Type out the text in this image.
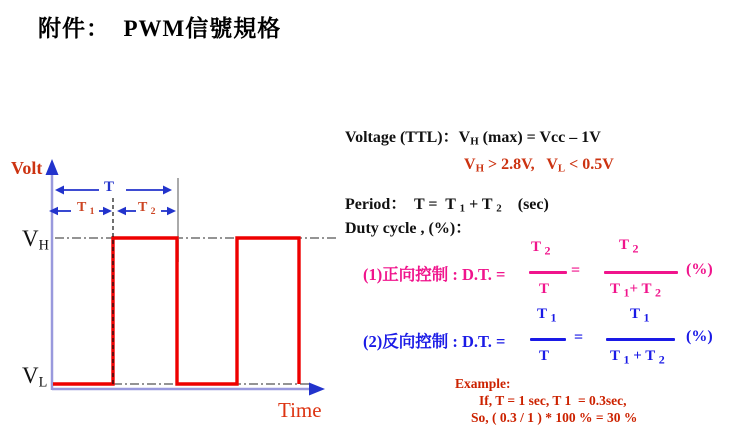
附件：  PWM信號規格
Volt
Time
VH
VL
T
T $_1$	T $_2$
Voltage (TTL)：$V_H$ (max) = Vcc – 1V
$V_H > 2.8V$,   $V_L < 0.5V$
Period：  T =  T $_1$ + T $_2$    (sec)
Duty cycle , (%)：
(1)正向控制 : D.T. =
T $_2$
T
=
T $_2$
T $_1$+ T $_2$
(%)
(2)反向控制 : D.T. =
T $_1$
T
=
T $_1$
T $_1$ + T $_2$
(%)
Example:
If, T = 1 sec, T 1  = 0.3sec,
So, ( 0.3 / 1 ) * 100 % = 30 %
